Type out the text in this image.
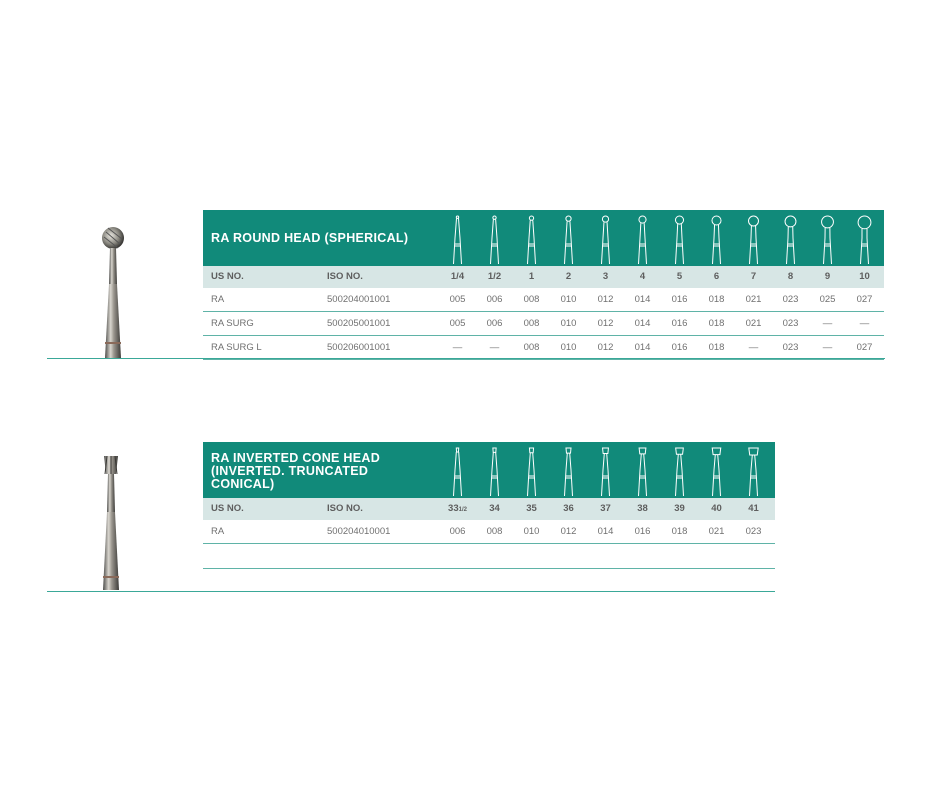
RA ROUND HEAD (SPHERICAL)
US NO.	ISO NO.	1/4	1/2	1	2	3	4	5	6	7	8	9	10
RA	500204001001	005	006	008	010	012	014	016	018	021	023	025	027
RA SURG	500205001001	005	006	008	010	012	014	016	018	021	023	—	—
RA SURG L	500206001001	—	—	008	010	012	014	016	018	—	023	—	027
RA INVERTED CONE HEAD
(INVERTED. TRUNCATED
CONICAL)
US NO.	ISO NO.	331/2	34	35	36	37	38	39	40	41
RA	500204010001	006	008	010	012	014	016	018	021	023
